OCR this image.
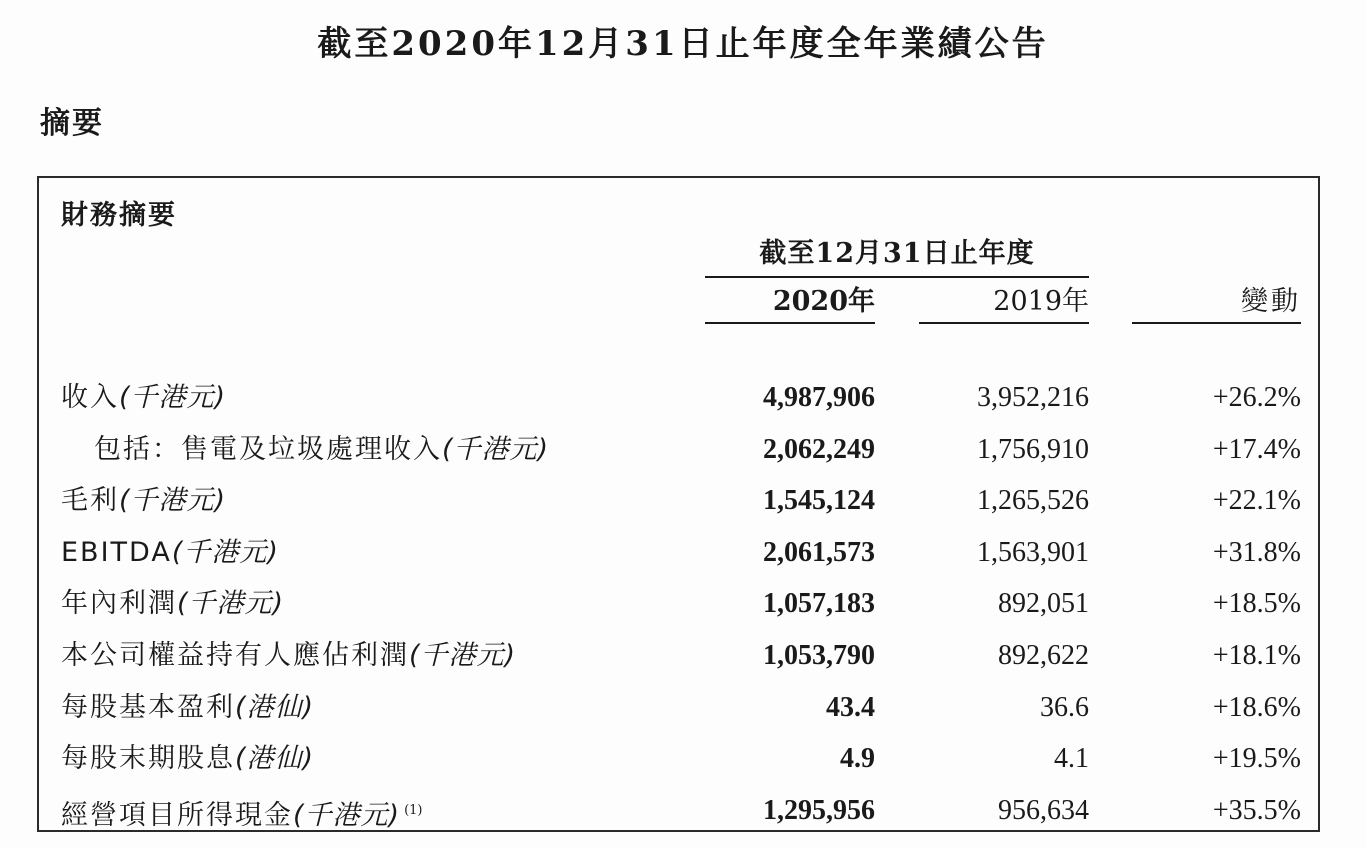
截至2020年12月31日止年度全年業績公告
摘要
財務摘要
截至12月31日止年度
2020年	2019年	變動
收入(千港元)	4,987,906	3,952,216	+26.2%
包括：售電及垃圾處理收入(千港元)	2,062,249	1,756,910	+17.4%
毛利(千港元)	1,545,124	1,265,526	+22.1%
EBITDA(千港元)	2,061,573	1,563,901	+31.8%
年內利潤(千港元)	1,057,183	892,051	+18.5%
本公司權益持有人應佔利潤(千港元)	1,053,790	892,622	+18.1%
每股基本盈利(港仙)	43.4	36.6	+18.6%
每股末期股息(港仙)	4.9	4.1	+19.5%
經營項目所得現金(千港元) $^{(1)}$	1,295,956	956,634	+35.5%
